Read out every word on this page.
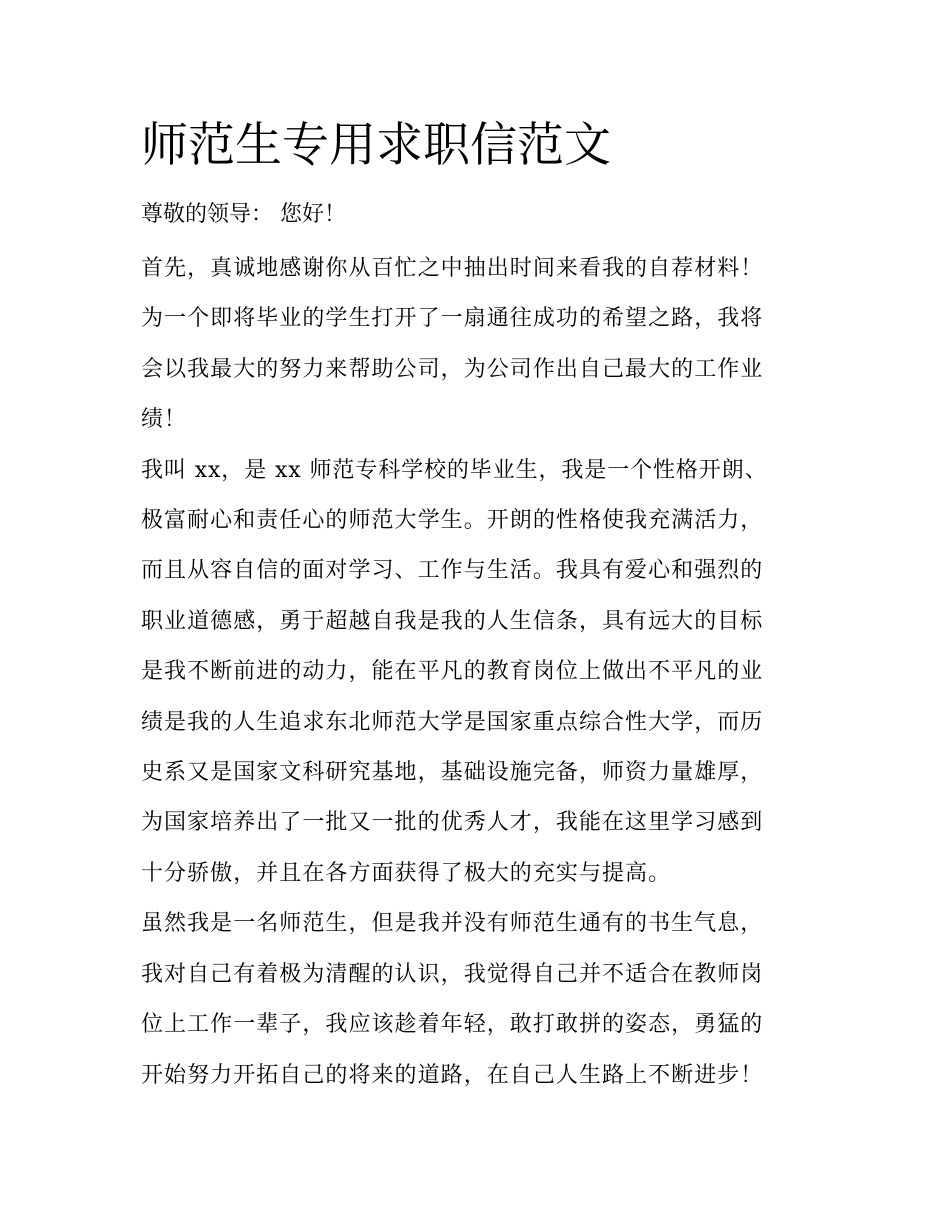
师范生专用求职信范文

尊敬的领导： 您好！

首先，真诚地感谢你从百忙之中抽出时间来看我的自荐材料！
为一个即将毕业的学生打开了一扇通往成功的希望之路，我将
会以我最大的努力来帮助公司，为公司作出自己最大的工作业
绩！

我叫 xx，是 xx 师范专科学校的毕业生，我是一个性格开朗、
极富耐心和责任心的师范大学生。开朗的性格使我充满活力，
而且从容自信的面对学习、工作与生活。我具有爱心和强烈的
职业道德感，勇于超越自我是我的人生信条，具有远大的目标
是我不断前进的动力，能在平凡的教育岗位上做出不平凡的业
绩是我的人生追求东北师范大学是国家重点综合性大学，而历
史系又是国家文科研究基地，基础设施完备，师资力量雄厚，
为国家培养出了一批又一批的优秀人才，我能在这里学习感到
十分骄傲，并且在各方面获得了极大的充实与提高。

虽然我是一名师范生，但是我并没有师范生通有的书生气息，
我对自己有着极为清醒的认识，我觉得自己并不适合在教师岗
位上工作一辈子，我应该趁着年轻，敢打敢拼的姿态，勇猛的
开始努力开拓自己的将来的道路，在自己人生路上不断进步！
